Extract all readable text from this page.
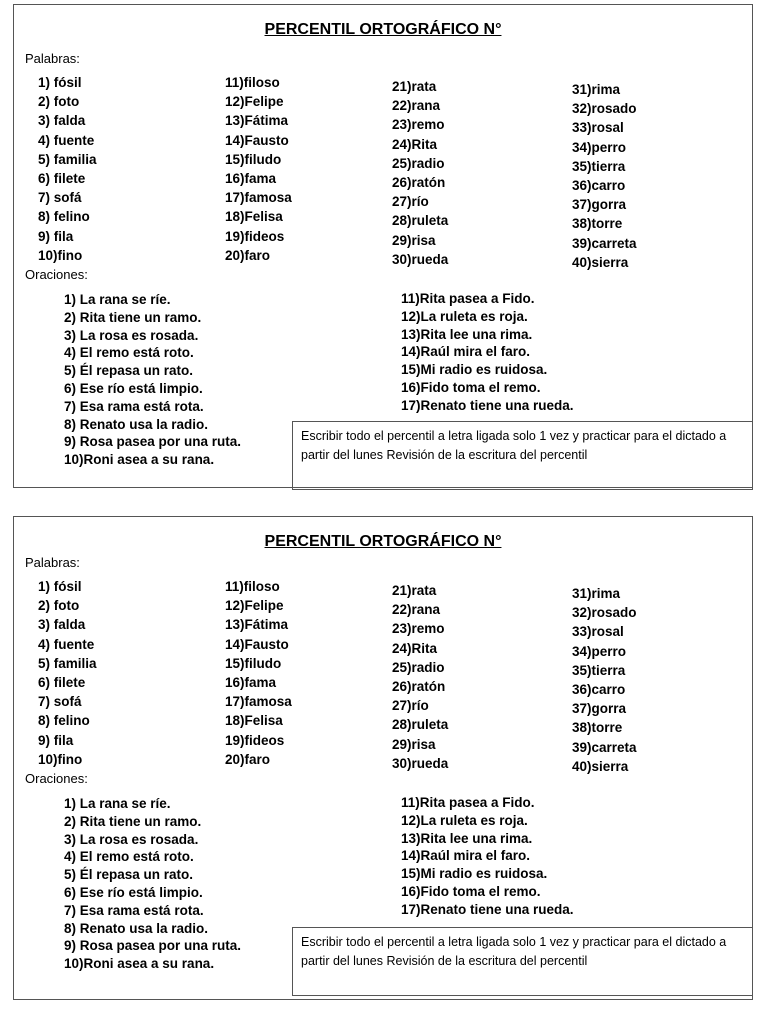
PERCENTIL ORTOGRÁFICO N°
Palabras:
1) fósil
2) foto
3) falda
4) fuente
5) familia
6) filete
7) sofá
8) felino
9) fila
10)fino
11)filoso
12)Felipe
13)Fátima
14)Fausto
15)filudo
16)fama
17)famosa
18)Felisa
19)fideos
20)faro
21)rata
22)rana
23)remo
24)Rita
25)radio
26)ratón
27)río
28)ruleta
29)risa
30)rueda
31)rima
32)rosado
33)rosal
34)perro
35)tierra
36)carro
37)gorra
38)torre
39)carreta
40)sierra
Oraciones:
1) La rana se ríe.
2) Rita tiene un ramo.
3) La rosa es rosada.
4) El remo está roto.
5) Él repasa un rato.
6) Ese río está limpio.
7) Esa rama está rota.
8) Renato usa la radio.
9) Rosa pasea por una ruta.
10)Roni asea a su rana.
11)Rita pasea a Fido.
12)La ruleta es roja.
13)Rita lee una rima.
14)Raúl mira el faro.
15)Mi radio es ruidosa.
16)Fido toma el remo.
17)Renato tiene una rueda.
Escribir todo el percentil a letra ligada solo 1 vez y practicar para el dictado a partir del lunes Revisión de la escritura del percentil
PERCENTIL ORTOGRÁFICO N°
Palabras:
1) fósil
2) foto
3) falda
4) fuente
5) familia
6) filete
7) sofá
8) felino
9) fila
10)fino
11)filoso
12)Felipe
13)Fátima
14)Fausto
15)filudo
16)fama
17)famosa
18)Felisa
19)fideos
20)faro
21)rata
22)rana
23)remo
24)Rita
25)radio
26)ratón
27)río
28)ruleta
29)risa
30)rueda
31)rima
32)rosado
33)rosal
34)perro
35)tierra
36)carro
37)gorra
38)torre
39)carreta
40)sierra
Oraciones:
1) La rana se ríe.
2) Rita tiene un ramo.
3) La rosa es rosada.
4) El remo está roto.
5) Él repasa un rato.
6) Ese río está limpio.
7) Esa rama está rota.
8) Renato usa la radio.
9) Rosa pasea por una ruta.
10)Roni asea a su rana.
11)Rita pasea a Fido.
12)La ruleta es roja.
13)Rita lee una rima.
14)Raúl mira el faro.
15)Mi radio es ruidosa.
16)Fido toma el remo.
17)Renato tiene una rueda.
Escribir todo el percentil a letra ligada solo 1 vez y practicar para el dictado a partir del lunes Revisión de la escritura del percentil
